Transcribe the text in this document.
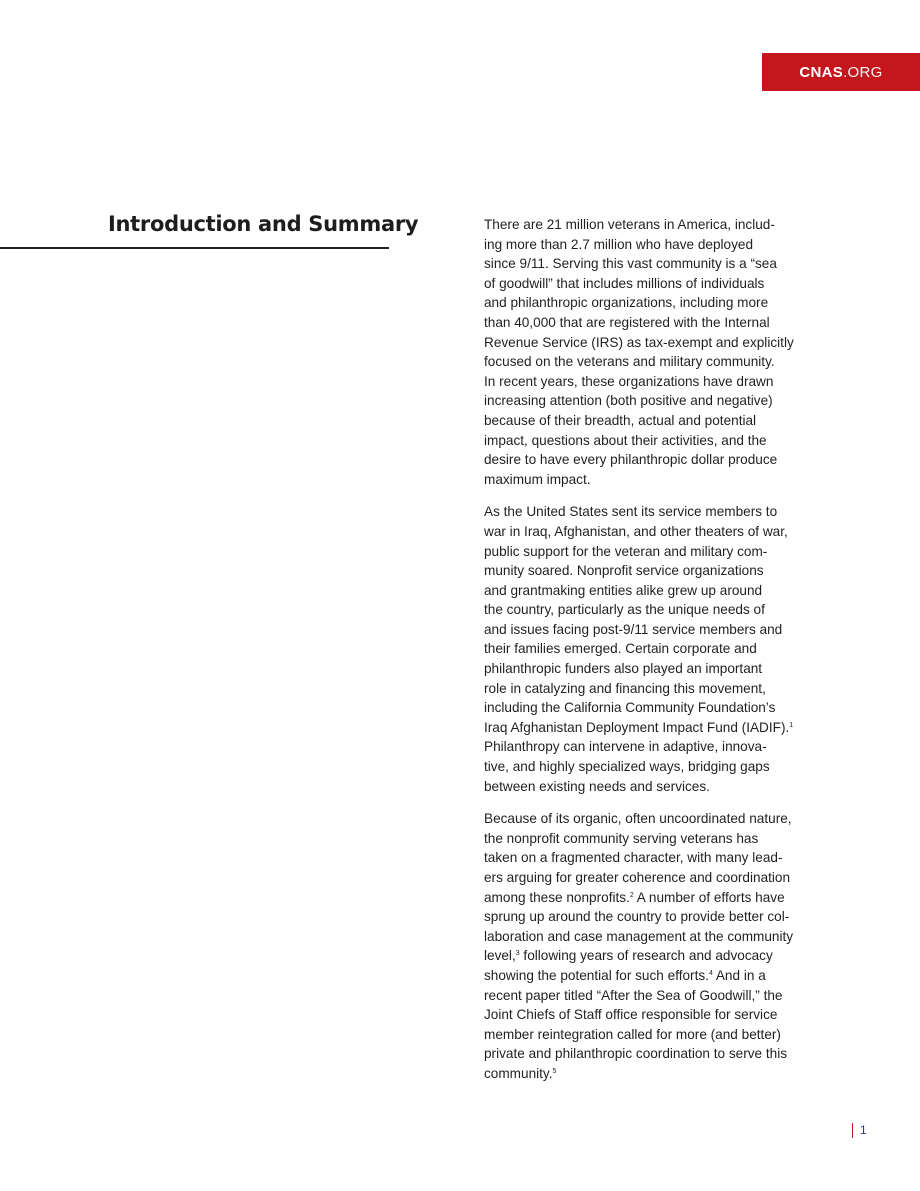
CNAS .ORG
Introduction and Summary	There are 21 million veterans in America, includ-
ing more than 2.7 million who have deployed
since 9/11. Serving this vast community is a “sea
of goodwill” that includes millions of individuals
and philanthropic organizations, including more
than 40,000 that are registered with the Internal
Revenue Service (IRS) as tax-exempt and explicitly
focused on the veterans and military community.
In recent years, these organizations have drawn
increasing attention (both positive and negative)
because of their breadth, actual and potential
impact, questions about their activities, and the
desire to have every philanthropic dollar produce
maximum impact.

As the United States sent its service members to
war in Iraq, Afghanistan, and other theaters of war,
public support for the veteran and military com-
munity soared. Nonprofit service organizations
and grantmaking entities alike grew up around
the country, particularly as the unique needs of
and issues facing post-9/11 service members and
their families emerged. Certain corporate and
philanthropic funders also played an important
role in catalyzing and financing this movement,
including the California Community Foundation’s
Iraq Afghanistan Deployment Impact Fund (IADIF).$^1$
Philanthropy can intervene in adaptive, innova-
tive, and highly specialized ways, bridging gaps
between existing needs and services.

Because of its organic, often uncoordinated nature,
the nonprofit community serving veterans has
taken on a fragmented character, with many lead-
ers arguing for greater coherence and coordination
among these nonprofits.$^2$ A number of efforts have
sprung up around the country to provide better col-
laboration and case management at the community
level,$^3$ following years of research and advocacy
showing the potential for such efforts.$^4$ And in a
recent paper titled “After the Sea of Goodwill,” the
Joint Chiefs of Staff office responsible for service
member reintegration called for more (and better)
private and philanthropic coordination to serve this
community.$^5$

1
